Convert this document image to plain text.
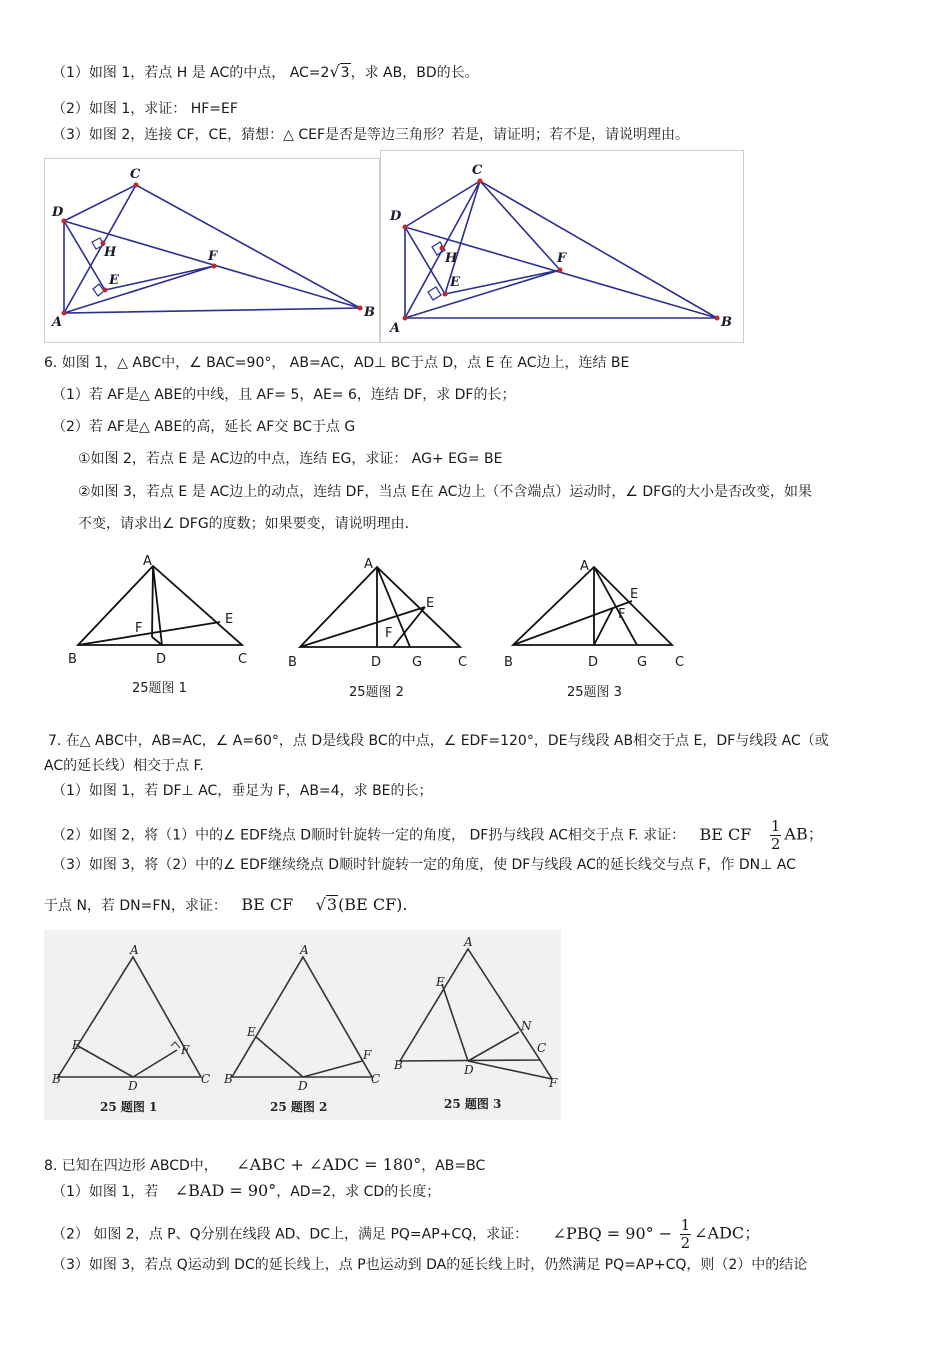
（1）如图 1，若点 H 是 AC的中点， AC=2√3，求 AB，BD的长。
（2）如图 1，求证： HF=EF
（3）如图 2，连接 CF，CE，猜想：△ CEF是否是等边三角形？若是，请证明；若不是，请说明理由。
C
D
H	F
E
A
B
C
D
H	F
E
A	B
6. 如图 1，△ ABC中，∠ BAC=90°， AB=AC，AD⊥ BC于点 D，点 E 在 AC边上，连结 BE
（1）若 AF是△ ABE的中线，且 AF= 5，AE= 6，连结 DF，求 DF的长；
（2）若 AF是△ ABE的高，延长 AF交 BC于点 G
①如图 2，若点 E 是 AC边的中点，连结 EG，求证： AG+ EG= BE
②如图 3，若点 E 是 AC边上的动点，连结 DF，当点 E在 AC边上（不含端点）运动时，∠ DFG的大小是否改变，如果
不变，请求出∠ DFG的度数；如果要变，请说明理由.
A
B	D	C
E
F
25题图 1
A
B	D G	C
E
F
25题图 2
A
B	D	G C
E
F
25题图 3
7. 在△ ABC中，AB=AC，∠ A=60°，点 D是线段 BC的中点，∠ EDF=120°，DE与线段 AB相交于点 E，DF与线段 AC（或
AC的延长线）相交于点 F.
（1）如图 1，若 DF⊥ AC，垂足为 F，AB=4，求 BE的长；
（2）如图 2，将（1）中的∠ EDF绕点 D顺时针旋转一定的角度， DF扔与线段 AC相交于点 F. 求证： BE CF $\frac{1}{2}$ AB；
（3）如图 3，将（2）中的∠ EDF继续绕点 D顺时针旋转一定的角度，使 DF与线段 AC的延长线交与点 F，作 DN⊥ AC
于点 N，若 DN=FN，求证： BE CF √3(BE CF).
A
E
B	D	C
F
25 题图 1
A
E
B	D	C
F
25 题图 2
A
E
B	D
C
N
F
25 题图 3
8. 已知在四边形 ABCD中， ∠ABC + ∠ADC = 180°，AB=BC
（1）如图 1，若 ∠BAD = 90°，AD=2，求 CD的长度；
（2） 如图 2，点 P、Q分别在线段 AD、DC上，满足 PQ=AP+CQ，求证： ∠PBQ = $90^\circ - \frac{1}{2}$ ∠ADC；
（3）如图 3，若点 Q运动到 DC的延长线上，点 P也运动到 DA的延长线上时，仍然满足 PQ=AP+CQ，则（2）中的结论
